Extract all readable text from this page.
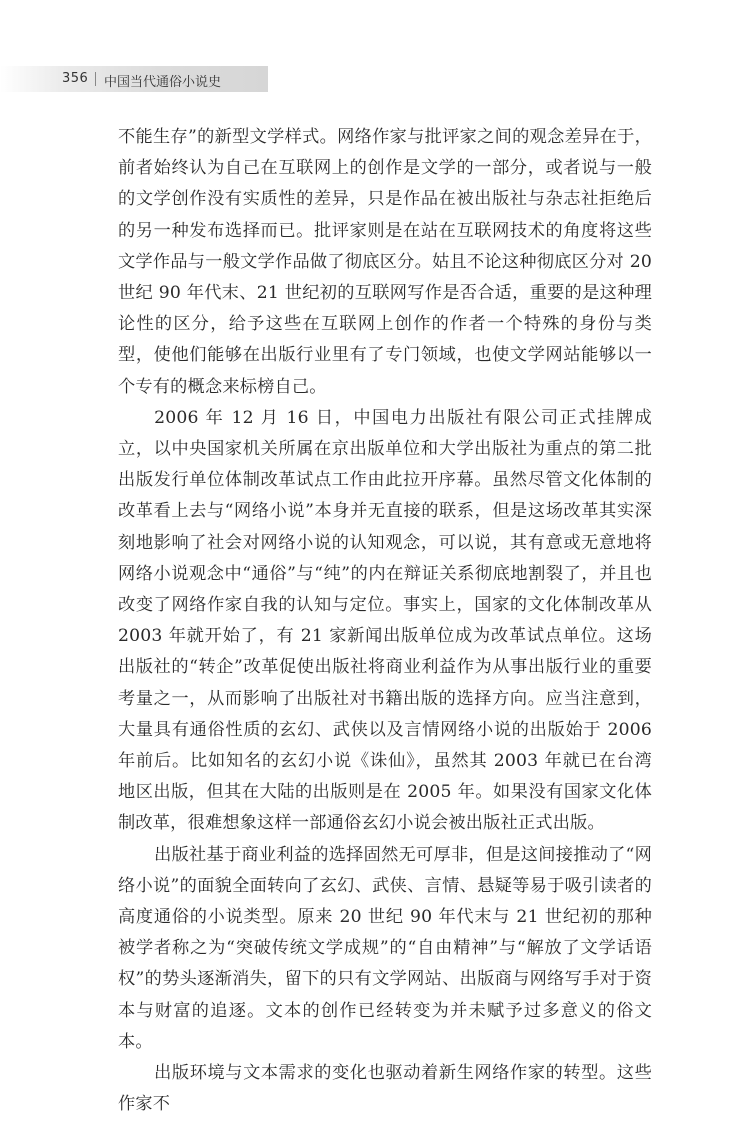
356 中国当代通俗小说史

不能生存”的新型文学样式。网络作家与批评家之间的观念差异在于，前者始终认为自己在互联网上的创作是文学的一部分，或者说与一般的文学创作没有实质性的差异，只是作品在被出版社与杂志社拒绝后的另一种发布选择而已。批评家则是在站在互联网技术的角度将这些文学作品与一般文学作品做了彻底区分。姑且不论这种彻底区分对 20 世纪 90 年代末、21 世纪初的互联网写作是否合适，重要的是这种理论性的区分，给予这些在互联网上创作的作者一个特殊的身份与类型，使他们能够在出版行业里有了专门领域，也使文学网站能够以一个专有的概念来标榜自己。

2006 年 12 月 16 日，中国电力出版社有限公司正式挂牌成立，以中央国家机关所属在京出版单位和大学出版社为重点的第二批出版发行单位体制改革试点工作由此拉开序幕。虽然尽管文化体制的改革看上去与“网络小说”本身并无直接的联系，但是这场改革其实深刻地影响了社会对网络小说的认知观念，可以说，其有意或无意地将网络小说观念中“通俗”与“纯”的内在辩证关系彻底地割裂了，并且也改变了网络作家自我的认知与定位。事实上，国家的文化体制改革从 2003 年就开始了，有 21 家新闻出版单位成为改革试点单位。这场出版社的“转企”改革促使出版社将商业利益作为从事出版行业的重要考量之一，从而影响了出版社对书籍出版的选择方向。应当注意到，大量具有通俗性质的玄幻、武侠以及言情网络小说的出版始于 2006 年前后。比如知名的玄幻小说《诛仙》，虽然其 2003 年就已在台湾地区出版，但其在大陆的出版则是在 2005 年。如果没有国家文化体制改革，很难想象这样一部通俗玄幻小说会被出版社正式出版。

出版社基于商业利益的选择固然无可厚非，但是这间接推动了“网络小说”的面貌全面转向了玄幻、武侠、言情、悬疑等易于吸引读者的高度通俗的小说类型。原来 20 世纪 90 年代末与 21 世纪初的那种被学者称之为“突破传统文学成规”的“自由精神”与“解放了文学话语权”的势头逐渐消失，留下的只有文学网站、出版商与网络写手对于资本与财富的追逐。文本的创作已经转变为并未赋予过多意义的俗文本。

出版环境与文本需求的变化也驱动着新生网络作家的转型。这些作家不
